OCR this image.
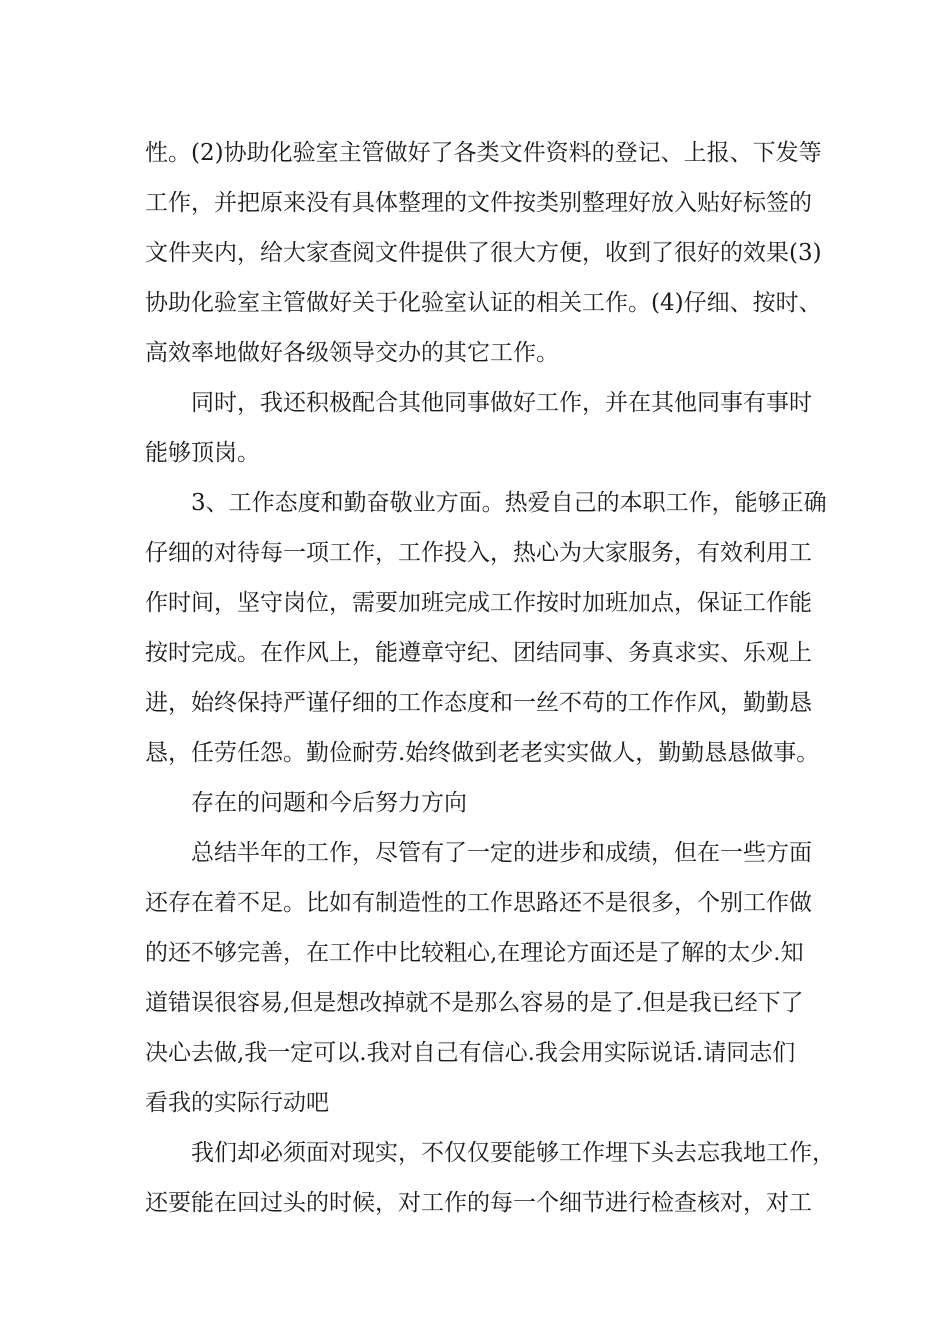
性。(2)协助化验室主管做好了各类文件资料的登记、上报、下发等
工作，并把原来没有具体整理的文件按类别整理好放入贴好标签的
文件夹内，给大家查阅文件提供了很大方便，收到了很好的效果(3)
协助化验室主管做好关于化验室认证的相关工作。(4)仔细、按时、
高效率地做好各级领导交办的其它工作。
同时，我还积极配合其他同事做好工作，并在其他同事有事时
能够顶岗。
3、工作态度和勤奋敬业方面。热爱自己的本职工作，能够正确
仔细的对待每一项工作，工作投入，热心为大家服务，有效利用工
作时间，坚守岗位，需要加班完成工作按时加班加点，保证工作能
按时完成。在作风上，能遵章守纪、团结同事、务真求实、乐观上
进，始终保持严谨仔细的工作态度和一丝不苟的工作作风，勤勤恳
恳，任劳任怨。勤俭耐劳.始终做到老老实实做人，勤勤恳恳做事。
存在的问题和今后努力方向
总结半年的工作，尽管有了一定的进步和成绩，但在一些方面
还存在着不足。比如有制造性的工作思路还不是很多，个别工作做
的还不够完善，在工作中比较粗心,在理论方面还是了解的太少.知
道错误很容易,但是想改掉就不是那么容易的是了.但是我已经下了
决心去做,我一定可以.我对自己有信心.我会用实际说话.请同志们
看我的实际行动吧
我们却必须面对现实，不仅仅要能够工作埋下头去忘我地工作，
还要能在回过头的时候，对工作的每一个细节进行检查核对，对工
